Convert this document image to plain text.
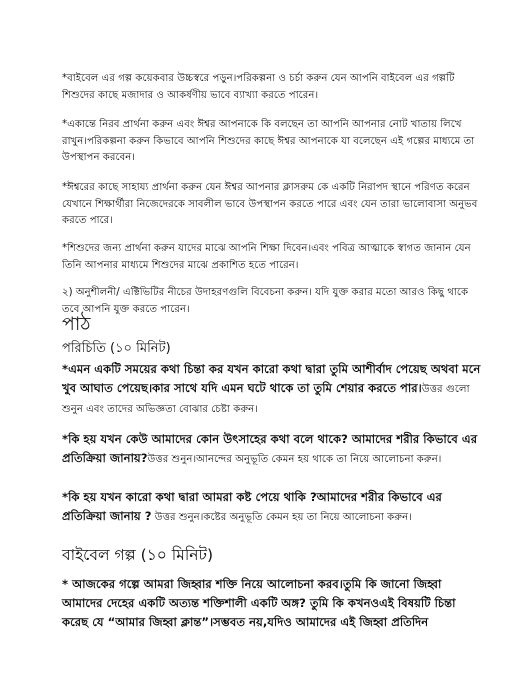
*বাইবেল এর গল্প কয়েকবার উচ্চস্বরে পড়ুন।পরিকল্পনা ও চর্চা করুন যেন আপনি বাইবেল এর গল্পটি শিশুদের কাছে মজাদার ও আকর্ষণীয় ভাবে ব্যাখ্যা করতে পারেন।

*একান্তে নিরব প্রার্থনা করুন এবং ঈশ্বর আপনাকে কি বলছেন তা আপনি আপনার নোট খাতায় লিখে রাখুন।পরিকল্পনা করুন কিভাবে আপনি শিশুদের কাছে ঈশ্বর আপনাকে যা বলেছেন এই গল্পের মাধ্যমে তা উপস্থাপন করবেন।

*ঈশ্বরের কাছে সাহায্য প্রার্থনা করুন যেন ঈশ্বর আপনার ক্লাসরুম কে একটি নিরাপদ স্থানে পরিণত করেন যেখানে শিক্ষার্থীরা নিজেদেরকে সাবলীল ভাবে উপস্থাপন করতে পারে এবং যেন তারা ভালোবাসা অনুভব করতে পারে।

*শিশুদের জন্য প্রার্থনা করুন যাদের মাঝে আপনি শিক্ষা দিবেন।এবং পবিত্র আত্মাকে স্বাগত জানান যেন তিনি আপনার মাধ্যমে শিশুদের মাঝে প্রকাশিত হতে পারেন।

২) অনুশীলনী/ এক্টিভিটির নীচের উদাহরণগুলি বিবেচনা করুন। যদি যুক্ত করার মতো আরও কিছু থাকে তবে আপনি যুক্ত করতে পারেন।

পাঠ
পরিচিতি (১০ মিনিট)

*এমন একটি সময়ের কথা চিন্তা কর যখন কারো কথা দ্বারা তুমি আশীর্বাদ পেয়েছ অথবা মনে খুব আঘাত পেয়েছ।কার সাথে যদি এমন ঘটে থাকে তা তুমি শেয়ার করতে পার।উত্তর গুলো শুনুন এবং তাদের অভিজ্ঞতা বোঝার চেষ্টা করুন।

*কি হয় যখন কেউ আমাদের কোন উৎসাহের কথা বলে থাকে? আমাদের শরীর কিভাবে এর প্রতিক্রিয়া জানায়?উত্তর শুনুন।আনন্দের অনুভূতি কেমন হয় থাকে তা নিয়ে আলোচনা করুন।

*কি হয় যখন কারো কথা দ্বারা আমরা কষ্ট পেয়ে থাকি ?আমাদের শরীর কিভাবে এর প্রতিক্রিয়া জানায় ? উত্তর শুনুন।কষ্টের অনুভূতি কেমন হয় তা নিয়ে আলোচনা করুন।

বাইবেল গল্প (১০ মিনিট)

* আজকের গল্পে আমরা জিহ্বার শক্তি নিয়ে আলোচনা করব।তুমি কি জানো জিহ্বা আমাদের দেহের একটি অত্যন্ত শক্তিশালী একটি অঙ্গ? তুমি কি কখনওএই বিষয়টি চিন্তা করেছ যে “আমার জিহ্বা ক্লান্ত”।সম্ভবত নয়,যদিও আমাদের এই জিহ্বা প্রতিদিন
